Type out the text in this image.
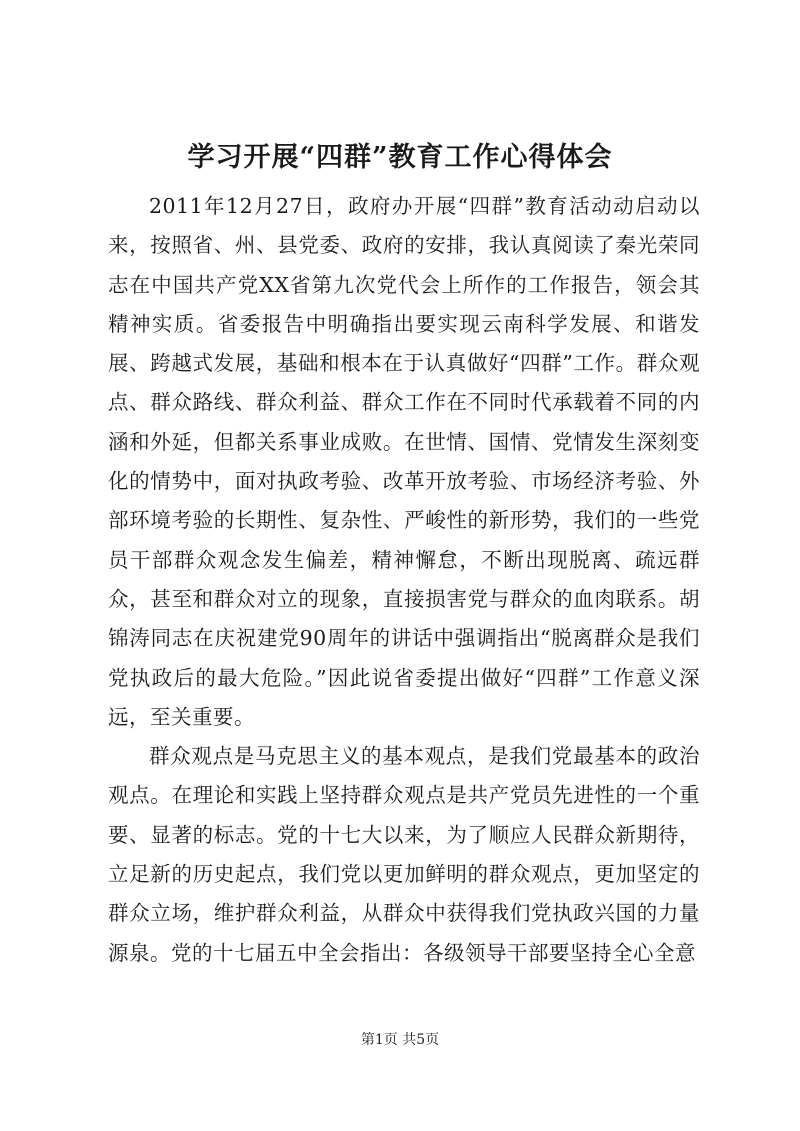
学习开展“四群”教育工作心得体会

2011年12月27日，政府办开展“四群”教育活动动启动以来，按照省、州、县党委、政府的安排，我认真阅读了秦光荣同志在中国共产党XX省第九次党代会上所作的工作报告，领会其精神实质。省委报告中明确指出要实现云南科学发展、和谐发展、跨越式发展，基础和根本在于认真做好“四群”工作。群众观点、群众路线、群众利益、群众工作在不同时代承载着不同的内涵和外延，但都关系事业成败。在世情、国情、党情发生深刻变化的情势中，面对执政考验、改革开放考验、市场经济考验、外部环境考验的长期性、复杂性、严峻性的新形势，我们的一些党员干部群众观念发生偏差，精神懈怠，不断出现脱离、疏远群众，甚至和群众对立的现象，直接损害党与群众的血肉联系。胡锦涛同志在庆祝建党90周年的讲话中强调指出“脱离群众是我们党执政后的最大危险。”因此说省委提出做好“四群”工作意义深远，至关重要。

群众观点是马克思主义的基本观点，是我们党最基本的政治观点。在理论和实践上坚持群众观点是共产党员先进性的一个重要、显著的标志。党的十七大以来，为了顺应人民群众新期待，立足新的历史起点，我们党以更加鲜明的群众观点，更加坚定的群众立场，维护群众利益，从群众中获得我们党执政兴国的力量源泉。党的十七届五中全会指出：各级领导干部要坚持全心全意

第1页 共5页
